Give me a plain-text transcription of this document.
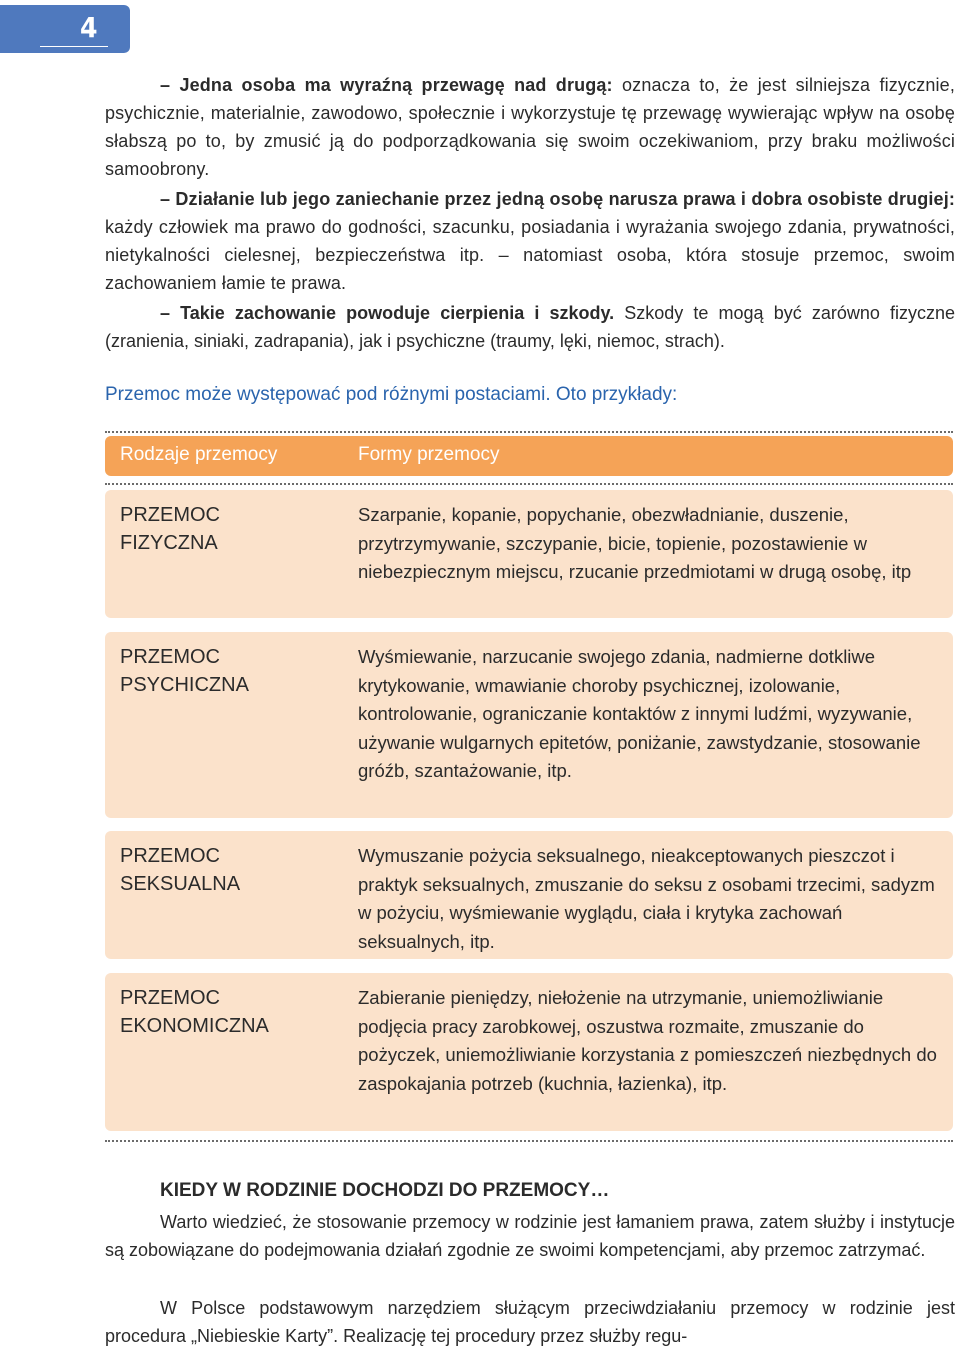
4

– Jedna osoba ma wyraźną przewagę nad drugą: oznacza to, że jest silniejsza fizycznie, psychicznie, materialnie, zawodowo, społecznie i wykorzystuje tę przewagę wywierając wpływ na osobę słabszą po to, by zmusić ją do podporządkowania się swoim oczekiwaniom, przy braku możliwości samoobrony.

– Działanie lub jego zaniechanie przez jedną osobę narusza prawa i dobra osobiste drugiej: każdy człowiek ma prawo do godności, szacunku, posiadania i wyrażania swojego zdania, prywatności, nietykalności cielesnej, bezpieczeństwa itp. – natomiast osoba, która stosuje przemoc, swoim zachowaniem łamie te prawa.

– Takie zachowanie powoduje cierpienia i szkody. Szkody te mogą być zarówno fizyczne (zranienia, siniaki, zadrapania), jak i psychiczne (traumy, lęki, niemoc, strach).

Przemoc może występować pod różnymi postaciami. Oto przykłady:

Rodzaje przemocy	Formy przemocy
PRZEMOC
FIZYCZNA
Szarpanie, kopanie, popychanie, obezwładnianie, duszenie, przytrzymywanie, szczypanie, bicie, topienie, pozostawienie w niebezpiecznym miejscu, rzucanie przedmiotami w drugą osobę, itp
PRZEMOC
PSYCHICZNA
Wyśmiewanie, narzucanie swojego zdania, nadmierne dotkliwe krytykowanie, wmawianie choroby psychicznej, izolowanie, kontrolowanie, ograniczanie kontaktów z innymi ludźmi, wyzywanie, używanie wulgarnych epitetów, poniżanie, zawstydzanie, stosowanie gróźb, szantażowanie, itp.
PRZEMOC
SEKSUALNA
Wymuszanie pożycia seksualnego, nieakceptowanych pieszczot i praktyk seksualnych, zmuszanie do seksu z osobami trzecimi, sadyzm w pożyciu, wyśmiewanie wyglądu, ciała i krytyka zachowań seksualnych, itp.
PRZEMOC
EKONOMICZNA
Zabieranie pieniędzy, niełożenie na utrzymanie, uniemożliwianie podjęcia pracy zarobkowej, oszustwa rozmaite, zmuszanie do pożyczek, uniemożliwianie korzystania z pomieszczeń niezbędnych do zaspokajania potrzeb (kuchnia, łazienka), itp.
KIEDY W RODZINIE DOCHODZI DO PRZEMOCY…

Warto wiedzieć, że stosowanie przemocy w rodzinie jest łamaniem prawa, zatem służby i instytucje są zobowiązane do podejmowania działań zgodnie ze swoimi kompetencjami, aby przemoc zatrzymać.

W Polsce podstawowym narzędziem służącym przeciwdziałaniu przemocy w rodzinie jest procedura „Niebieskie Karty”. Realizację tej procedury przez służby regu-
